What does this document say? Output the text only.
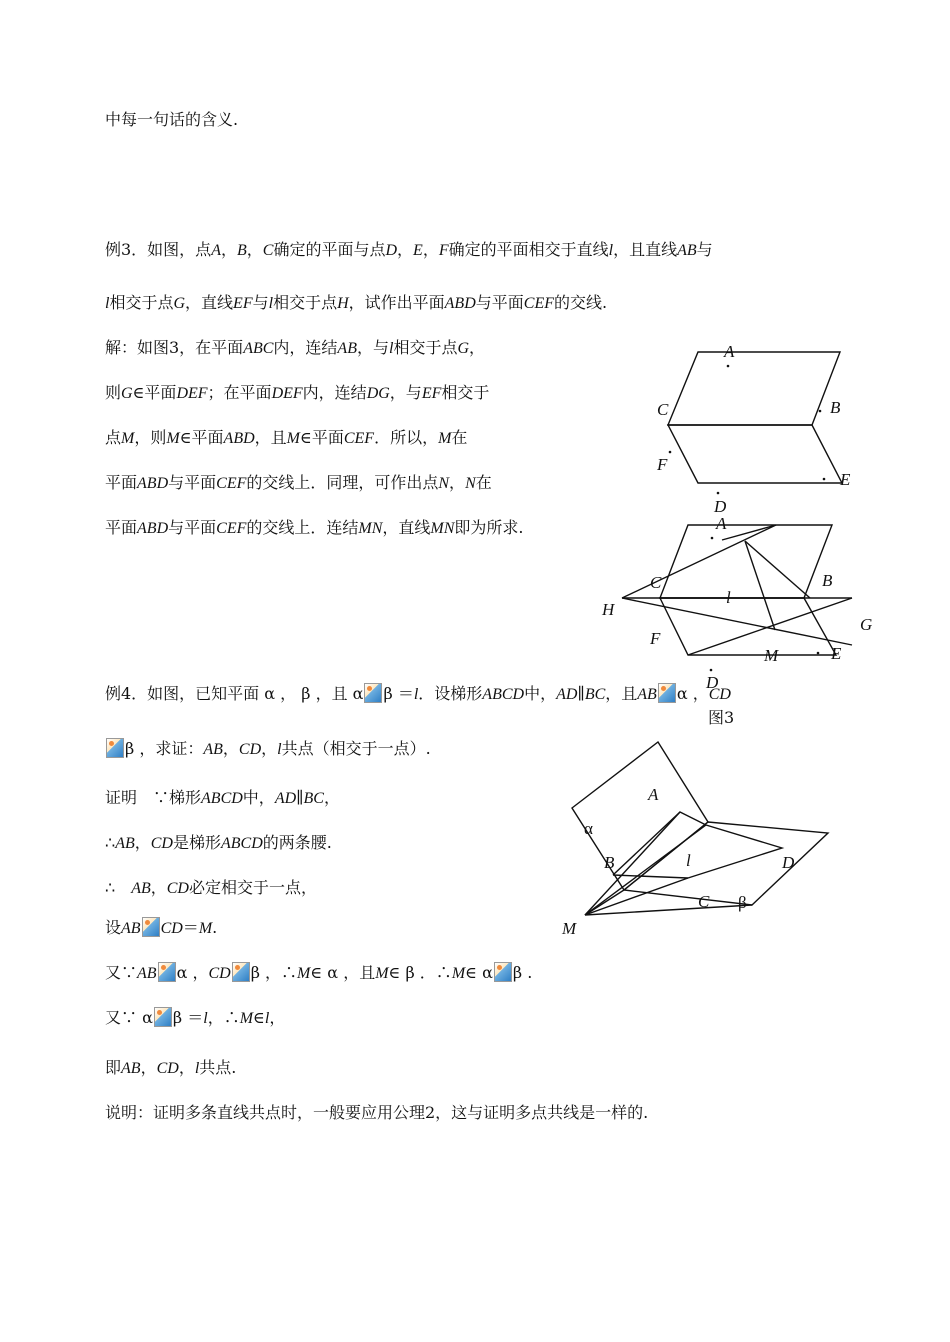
中每一句话的含义.
例3．如图，点A，B，C确定的平面与点D，E，F确定的平面相交于直线l，且直线AB与
l相交于点G，直线EF与l相交于点H，试作出平面ABD与平面CEF的交线.
解：如图3，在平面ABC内，连结AB，与l相交于点G，
则G∈平面DEF；在平面DEF内，连结DG，与EF相交于
点M，则M∈平面ABD，且M∈平面CEF．所以，M在
平面ABD与平面CEF的交线上．同理，可作出点N，N在
平面ABD与平面CEF的交线上．连结MN，直线MN即为所求.
A
B
C
F
E
D
A
C	B
H
l
G
F
M	E
D
图3
例4．如图，已知平面 α ， β ，且 α β ＝l．设梯形ABCD中，AD∥BC，且AB α ，CD
β ，求证：AB，CD，l共点（相交于一点）.
证明　∵梯形ABCD中，AD∥BC，
∴AB，CD是梯形ABCD的两条腰.
∴　AB，CD必定相交于一点，
设AB CD＝M.
又∵AB α ，CD β ，∴M∈ α ，且M∈ β ．∴M∈ α β .
又∵ α β ＝l，∴M∈l，
即AB，CD，l共点.
说明：证明多条直线共点时，一般要应用公理2，这与证明多点共线是一样的.
A
α
B	l	D
C β
M
